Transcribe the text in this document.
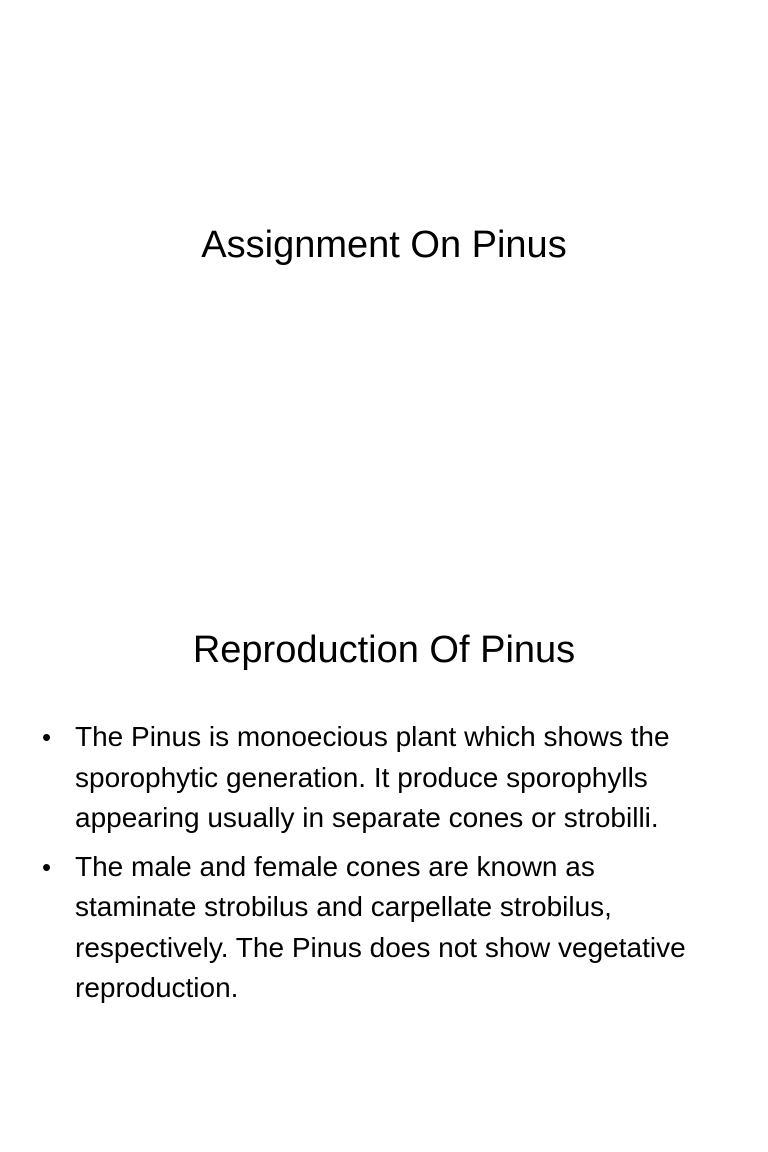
Assignment On Pinus
Reproduction Of Pinus
• The Pinus is monoecious plant which shows the sporophytic generation. It produce sporophylls appearing usually in separate cones or strobilli.
• The male and female cones are known as staminate strobilus and carpellate strobilus, respectively. The Pinus does not show vegetative reproduction.
